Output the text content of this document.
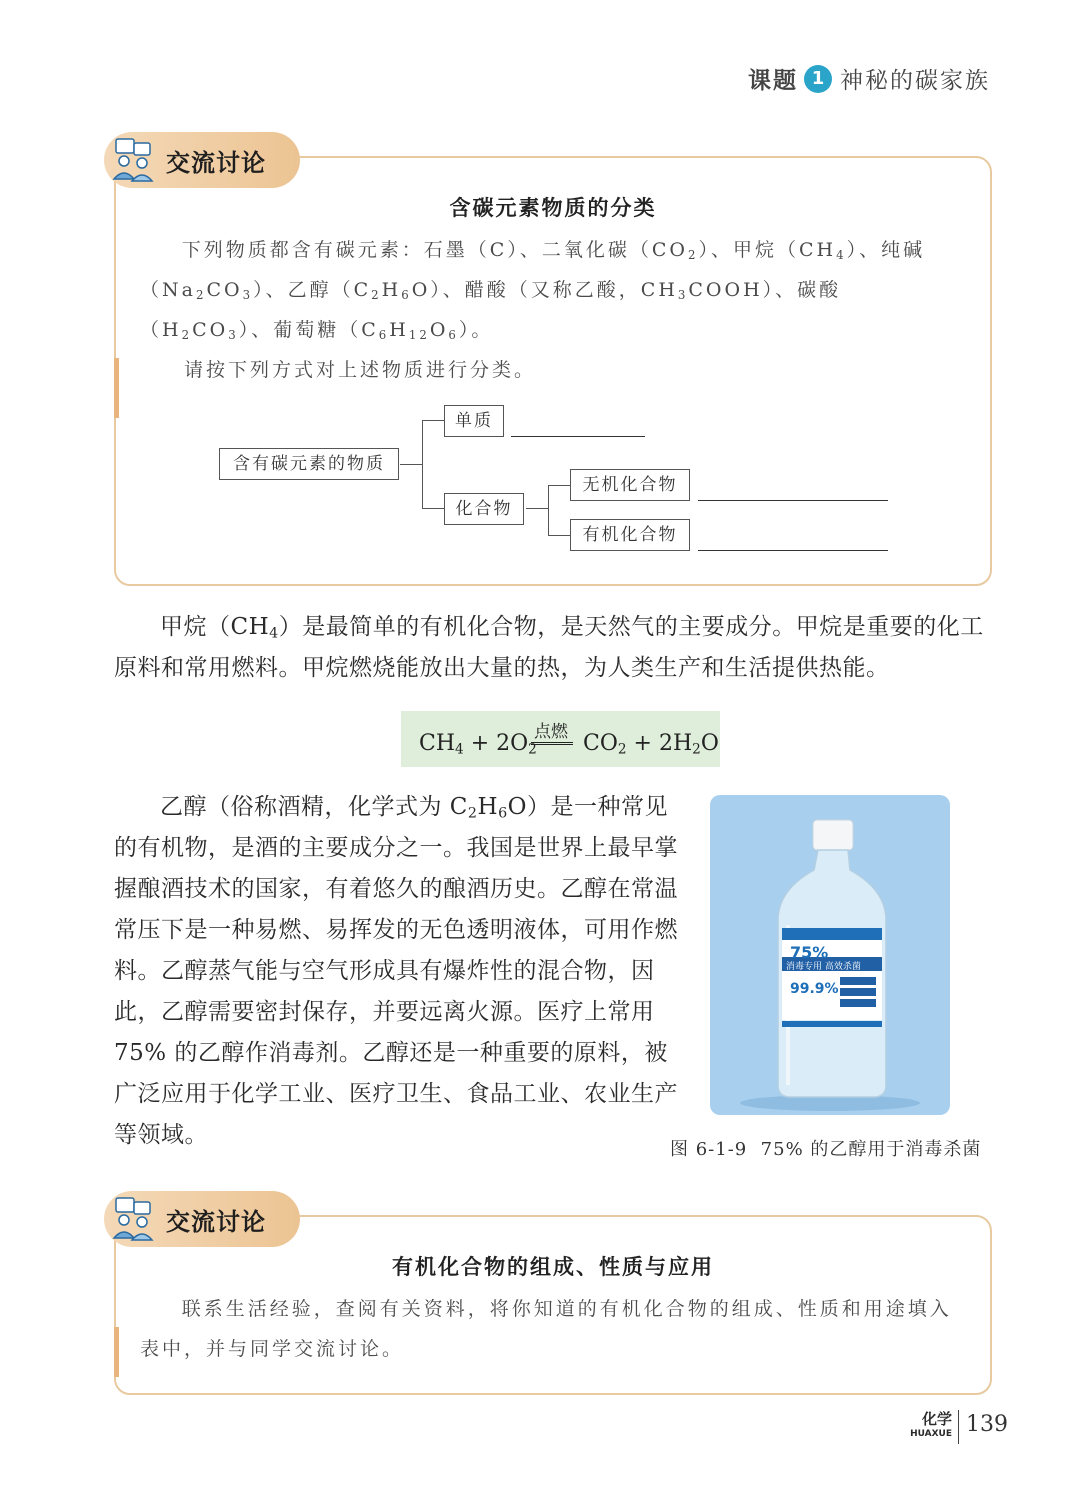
课题 1 神秘的碳家族
含碳元素物质的分类
下列物质都含有碳元素：石墨（C）、二氧化碳$(CO_2)$、甲烷$(CH_4)$、纯碱$(Na_2CO_3)$、乙醇$(C_2H_6O)$、醋酸（又称乙酸，$CH_3COOH$）、碳酸$(H_2CO_3)$、葡萄糖$(C_6H_{12}O_6)$。
请按下列方式对上述物质进行分类。
含有碳元素的物质
单质
化合物
无机化合物
有机化合物
交流讨论
甲烷$(CH_4)$是最简单的有机化合物，是天然气的主要成分。甲烷是重要的化工原料和常用燃料。甲烷燃烧能放出大量的热，为人类生产和生活提供热能。
$CH_4 + 2O_2$
点燃 $CO_2 + 2H_2O$
乙醇（俗称酒精，化学式为 $C_2H_6O$）是一种常见的有机物，是酒的主要成分之一。我国是世界上最早掌握酿酒技术的国家，有着悠久的酿酒历史。乙醇在常温常压下是一种易燃、易挥发的无色透明液体，可用作燃料。乙醇蒸气能与空气形成具有爆炸性的混合物，因此，乙醇需要密封保存，并要远离火源。医疗上常用 75% 的乙醇作消毒剂。乙醇还是一种重要的原料，被广泛应用于化学工业、医疗卫生、食品工业、农业生产等领域。
75%
消毒专用 高效杀菌
99.9%
图 6-1-9  75% 的乙醇用于消毒杀菌
有机化合物的组成、性质与应用
联系生活经验，查阅有关资料，将你知道的有机化合物的组成、性质和用途填入表中，并与同学交流讨论。
交流讨论
化学
HUAXUE 139
